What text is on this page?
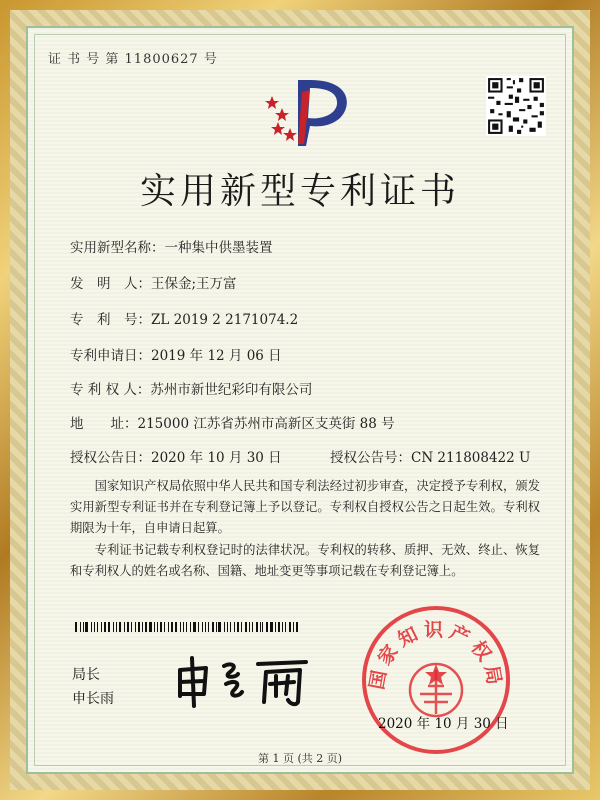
证 书 号 第 11800627 号
实用新型专利证书
实用新型名称：一种集中供墨装置
发　明　人：王保金;王万富
专　利　号：ZL 2019 2 2171074.2
专利申请日：2019 年 12 月 06 日
专 利 权 人：苏州市新世纪彩印有限公司
地　　址：215000 江苏省苏州市高新区支英街 88 号
授权公告日：2020 年 10 月 30 日	授权公告号：CN 211808422 U
国家知识产权局依照中华人民共和国专利法经过初步审查，决定授予专利权，颁发实用新型专利证书并在专利登记簿上予以登记。专利权自授权公告之日起生效。专利权期限为十年，自申请日起算。
专利证书记载专利权登记时的法律状况。专利权的转移、质押、无效、终止、恢复和专利权人的姓名或名称、国籍、地址变更等事项记载在专利登记簿上。
局长
申长雨
国家知识产权局
2020 年 10 月 30 日
第 1 页 (共 2 页)
